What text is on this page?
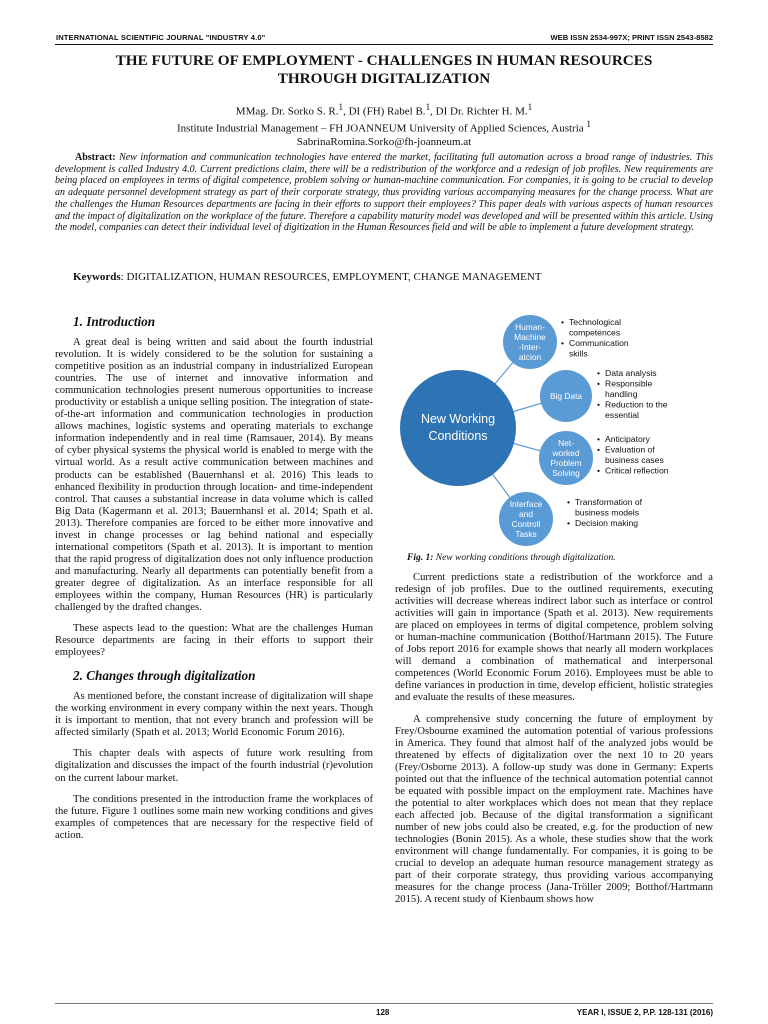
INTERNATIONAL SCIENTIFIC JOURNAL "INDUSTRY 4.0"	WEB ISSN 2534-997X; PRINT ISSN 2543-8582
THE FUTURE OF EMPLOYMENT - CHALLENGES IN HUMAN RESOURCES
THROUGH DIGITALIZATION
MMag. Dr. Sorko S. R.$^1$, DI (FH) Rabel B.$^1$, DI Dr. Richter H. M.$^1$
Institute Industrial Management – FH JOANNEUM University of Applied Sciences, Austria $^1$
SabrinaRomina.Sorko@fh-joanneum.at
Abstract: New information and communication technologies have entered the market, facilitating full automation across a broad range of industries. This development is called Industry 4.0. Current predictions claim, there will be a redistribution of the workforce and a redesign of job profiles. New requirements are being placed on employees in terms of digital competence, problem solving or human-machine communication. For companies, it is going to be crucial to develop an adequate personnel development strategy as part of their corporate strategy, thus providing various accompanying measures for the change process. What are the challenges the Human Resources departments are facing in their efforts to support their employees? This paper deals with various aspects of human resources and the impact of digitalization on the workplace of the future. Therefore a capability maturity model was developed and will be presented within this article. Using the model, companies can detect their individual level of digitization in the Human Resources field and will be able to implement a future development strategy.
Keywords: DIGITALIZATION, HUMAN RESOURCES, EMPLOYMENT, CHANGE MANAGEMENT
1. Introduction

A great deal is being written and said about the fourth industrial revolution. It is widely considered to be the solution for sustaining a competitive position as an industrial company in industrialized European countries. The use of internet and innovative information and communication technologies present numerous opportunities to increase productivity or establish a unique selling position. The integration of state-of-the-art information and communication technologies in production allows machines, logistic systems and operating materials to exchange information independently and in real time (Ramsauer, 2014). By means of cyber physical systems the physical world is enabled to merge with the virtual world. As a result active communication between machines and products can be established (Bauernhansl et al. 2016) This leads to enhanced flexibility in production through location- and time-independent control. That causes a substantial increase in data volume which is called Big Data (Kagermann et al. 2013; Bauernhansl et al. 2014; Spath et al. 2013). Therefore companies are forced to be either more innovative and invest in change processes or lag behind national and especially international competitors (Spath et al. 2013). It is important to mention that the rapid progress of digitalization does not only influence production and manufacturing. Nearly all departments can potentially benefit from a greater degree of digitalization. As an interface responsible for all employees within the company, Human Resources (HR) is particularly challenged by the drafted changes.

These aspects lead to the question: What are the challenges Human Resource departments are facing in their efforts to support their employees?

2. Changes through digitalization

As mentioned before, the constant increase of digitalization will shape the working environment in every company within the next years. Though it is important to mention, that not every branch and profession will be affected similarly (Spath et al. 2013; World Economic Forum 2016).

This chapter deals with aspects of future work resulting from digitalization and discusses the impact of the fourth industrial (r)evolution on the current labour market.

The conditions presented in the introduction frame the workplaces of the future. Figure 1 outlines some main new working conditions and gives examples of competences that are necessary for the respective field of action.

New Working
Conditions
Human-
Machine
-Inter-
atcion
• Technological
competences
• Communication
skills
Big Data
• Data analysis
• Responsible
handling
• Reduction to the
essential
Net-
worked
Problem
Solving
• Anticipatory
• Evaluation of
business cases
• Critical reflection
Interface
and
Controll
Tasks
• Transformation of
business models
• Decision making
Fig. 1: New working conditions through digitalization.

Current predictions state a redistribution of the workforce and a redesign of job profiles. Due to the outlined requirements, executing activities will decrease whereas indirect labor such as interface or control activities will gain in importance (Spath et al. 2013). New requirements are placed on employees in terms of digital competence, problem solving or human-machine communication (Botthof/Hartmann 2015). The Future of Jobs report 2016 for example shows that nearly all modern workplaces will demand a combination of mathematical and interpersonal competences (World Economic Forum 2016). Employees must be able to define variances in production in time, develop efficient, holistic strategies and evaluate the results of these measures.

A comprehensive study concerning the future of employment by Frey/Osbourne examined the automation potential of various professions in America. They found that almost half of the analyzed jobs would be threatened by effects of digitalization over the next 10 to 20 years (Frey/Osborne 2013). A follow-up study was done in Germany: Experts pointed out that the influence of the technical automation potential cannot be equated with possible impact on the employment rate. Machines have the potential to alter workplaces which does not mean that they replace each affected job. Because of the digital transformation a significant number of new jobs could also be created, e.g. for the production of new technologies (Bonin 2015). As a whole, these studies show that the work environment will change fundamentally. For companies, it is going to be crucial to develop an adequate human resource management strategy as part of their corporate strategy, thus providing various accompanying measures for the change process (Jana-Tröller 2009; Botthof/Hartmann 2015). A recent study of Kienbaum shows how

128	YEAR I, ISSUE 2, P.P. 128-131 (2016)
